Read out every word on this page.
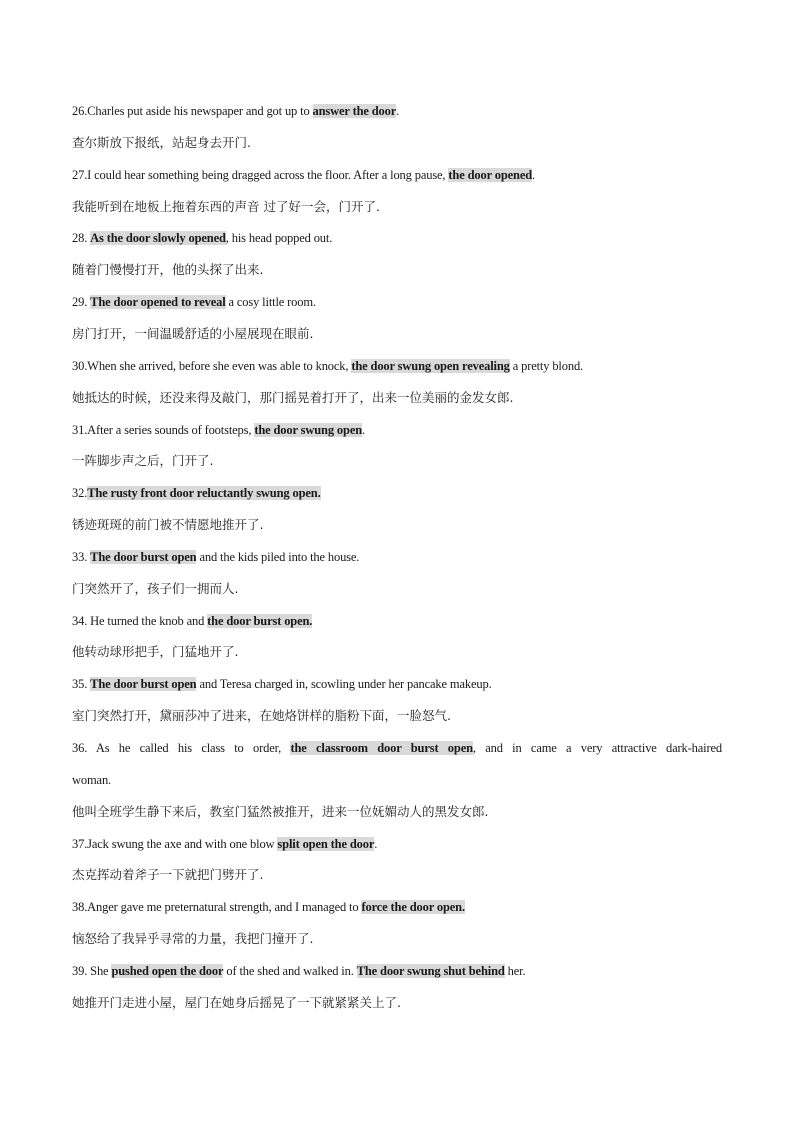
26.Charles put aside his newspaper and got up to answer the door.
查尔斯放下报纸，站起身去开门.
27.I could hear something being dragged across the floor. After a long pause, the door opened.
我能听到在地板上拖着东西的声音 过了好一会，门开了.
28. As the door slowly opened, his head popped out.
随着门慢慢打开，他的头探了出来.
29. The door opened to reveal a cosy little room.
房门打开，一间温暖舒适的小屋展现在眼前.
30.When she arrived, before she even was able to knock, the door swung open revealing a pretty blond.
她抵达的时候，还没来得及敲门，那门摇晃着打开了，出来一位美丽的金发女郎.
31.After a series sounds of footsteps, the door swung open.
一阵脚步声之后，门开了.
32.The rusty front door reluctantly swung open.
锈迹斑斑的前门被不情愿地推开了.
33. The door burst open and the kids piled into the house.
门突然开了，孩子们一拥而人.
34. He turned the knob and the door burst open.
他转动球形把手，门猛地开了.
35. The door burst open and Teresa charged in, scowling under her pancake makeup.
室门突然打开，黛丽莎冲了进来，在她烙饼样的脂粉下面，一脸怒气.
36. As he called his class to order, the classroom door burst open, and in came a very attractive dark-haired
woman.
他叫全班学生静下来后，教室门猛然被推开，进来一位妩媚动人的黑发女郎.
37.Jack swung the axe and with one blow split open the door.
杰克挥动着斧子一下就把门劈开了.
38.Anger gave me preternatural strength, and I managed to force the door open.
恼怒给了我异乎寻常的力量，我把门撞开了.
39. She pushed open the door of the shed and walked in. The door swung shut behind her.
她推开门走进小屋，屋门在她身后摇晃了一下就紧紧关上了.
